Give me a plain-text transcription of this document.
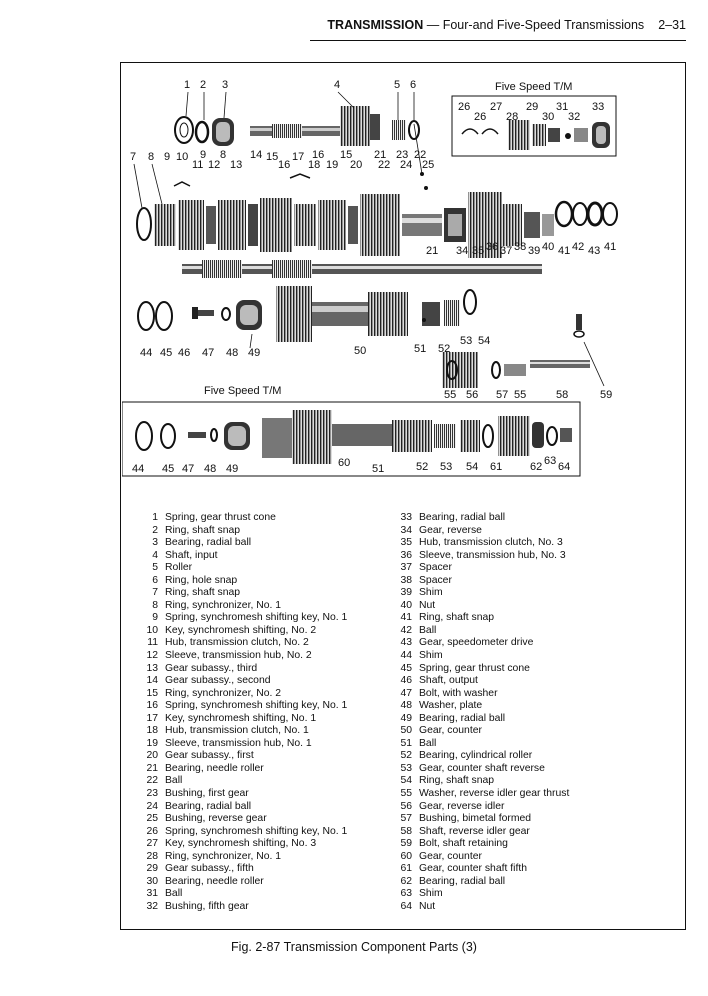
TRANSMISSION — Four-and Five-Speed Transmissions 2–31
Five Speed T/M
Five Speed T/M
1 2 3	4	5 6
7 8 9 10 9 8
11 12 13
14 15
16
17
18
16
19
15
20
21
22
23
24
22
25
26 27
26 28
29
30
31
32
33
21 34 35 36 37 38 39 40 41 42 43 41
44 45 46 47 48 49	50	51 52
53 54
55 56 57 55	58	59
44 45 47 48 49	60 51	52 53 54 61	62 63 64
1 Spring, gear thrust cone
2 Ring, shaft snap
3 Bearing, radial ball
4 Shaft, input
5 Roller
6 Ring, hole snap
7 Ring, shaft snap
8 Ring, synchronizer, No. 1
9 Spring, synchromesh shifting key, No. 1
10 Key, synchromesh shifting, No. 2
11 Hub, transmission clutch, No. 2
12 Sleeve, transmission hub, No. 2
13 Gear subassy., third
14 Gear subassy., second
15 Ring, synchronizer, No. 2
16 Spring, synchromesh shifting key, No. 1
17 Key, synchromesh shifting, No. 1
18 Hub, transmission clutch, No. 1
19 Sleeve, transmission hub, No. 1
20 Gear subassy., first
21 Bearing, needle roller
22 Ball
23 Bushing, first gear
24 Bearing, radial ball
25 Bushing, reverse gear
26 Spring, synchromesh shifting key, No. 1
27 Key, synchromesh shifting, No. 3
28 Ring, synchronizer, No. 1
29 Gear subassy., fifth
30 Bearing, needle roller
31 Ball
32 Bushing, fifth gear
33 Bearing, radial ball
34 Gear, reverse
35 Hub, transmission clutch, No. 3
36 Sleeve, transmission hub, No. 3
37 Spacer
38 Spacer
39 Shim
40 Nut
41 Ring, shaft snap
42 Ball
43 Gear, speedometer drive
44 Shim
45 Spring, gear thrust cone
46 Shaft, output
47 Bolt, with washer
48 Washer, plate
49 Bearing, radial ball
50 Gear, counter
51 Ball
52 Bearing, cylindrical roller
53 Gear, counter shaft reverse
54 Ring, shaft snap
55 Washer, reverse idler gear thrust
56 Gear, reverse idler
57 Bushing, bimetal formed
58 Shaft, reverse idler gear
59 Bolt, shaft retaining
60 Gear, counter
61 Gear, counter shaft fifth
62 Bearing, radial ball
63 Shim
64 Nut
Fig. 2-87 Transmission Component Parts (3)
